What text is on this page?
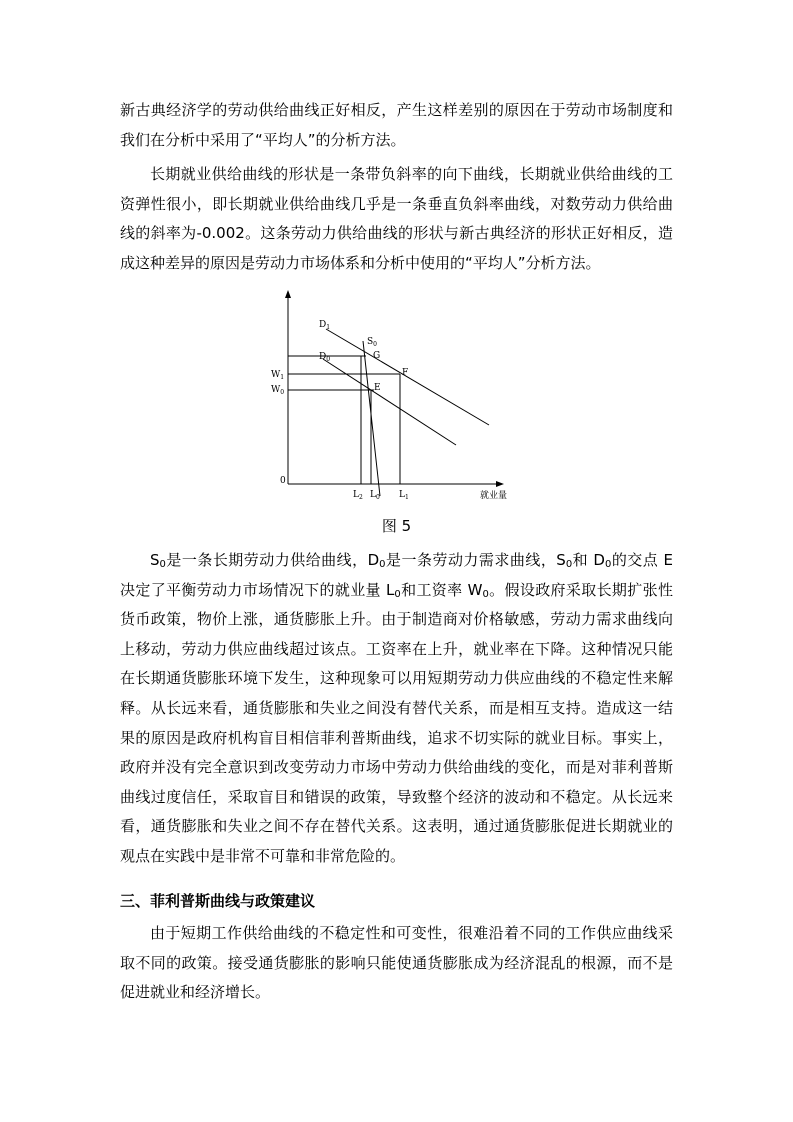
新古典经济学的劳动供给曲线正好相反，产生这样差别的原因在于劳动市场制度和我们在分析中采用了“平均人”的分析方法。

长期就业供给曲线的形状是一条带负斜率的向下曲线，长期就业供给曲线的工资弹性很小，即长期就业供给曲线几乎是一条垂直负斜率曲线，对数劳动力供给曲线的斜率为-0.002。这条劳动力供给曲线的形状与新古典经济的形状正好相反，造成这种差异的原因是劳动力市场体系和分析中使用的“平均人”分析方法。

$D_1$
$S_0$
$D_0$	G
F
E
$W_1$
$W_0$
0
$L_2$ $L_0$ $L_1$	就业量
图 5

$S_0$是一条长期劳动力供给曲线，$D_0$是一条劳动力需求曲线，$S_0$和 $D_0$的交点 E 决定了平衡劳动力市场情况下的就业量 $L_0$和工资率 $W_0$。假设政府采取长期扩张性货币政策，物价上涨，通货膨胀上升。由于制造商对价格敏感，劳动力需求曲线向上移动，劳动力供应曲线超过该点。工资率在上升，就业率在下降。这种情况只能在长期通货膨胀环境下发生，这种现象可以用短期劳动力供应曲线的不稳定性来解释。从长远来看，通货膨胀和失业之间没有替代关系，而是相互支持。造成这一结果的原因是政府机构盲目相信菲利普斯曲线，追求不切实际的就业目标。事实上，政府并没有完全意识到改变劳动力市场中劳动力供给曲线的变化，而是对菲利普斯曲线过度信任，采取盲目和错误的政策，导致整个经济的波动和不稳定。从长远来看，通货膨胀和失业之间不存在替代关系。这表明，通过通货膨胀促进长期就业的观点在实践中是非常不可靠和非常危险的。

三、菲利普斯曲线与政策建议

由于短期工作供给曲线的不稳定性和可变性，很难沿着不同的工作供应曲线采取不同的政策。接受通货膨胀的影响只能使通货膨胀成为经济混乱的根源，而不是促进就业和经济增长。
